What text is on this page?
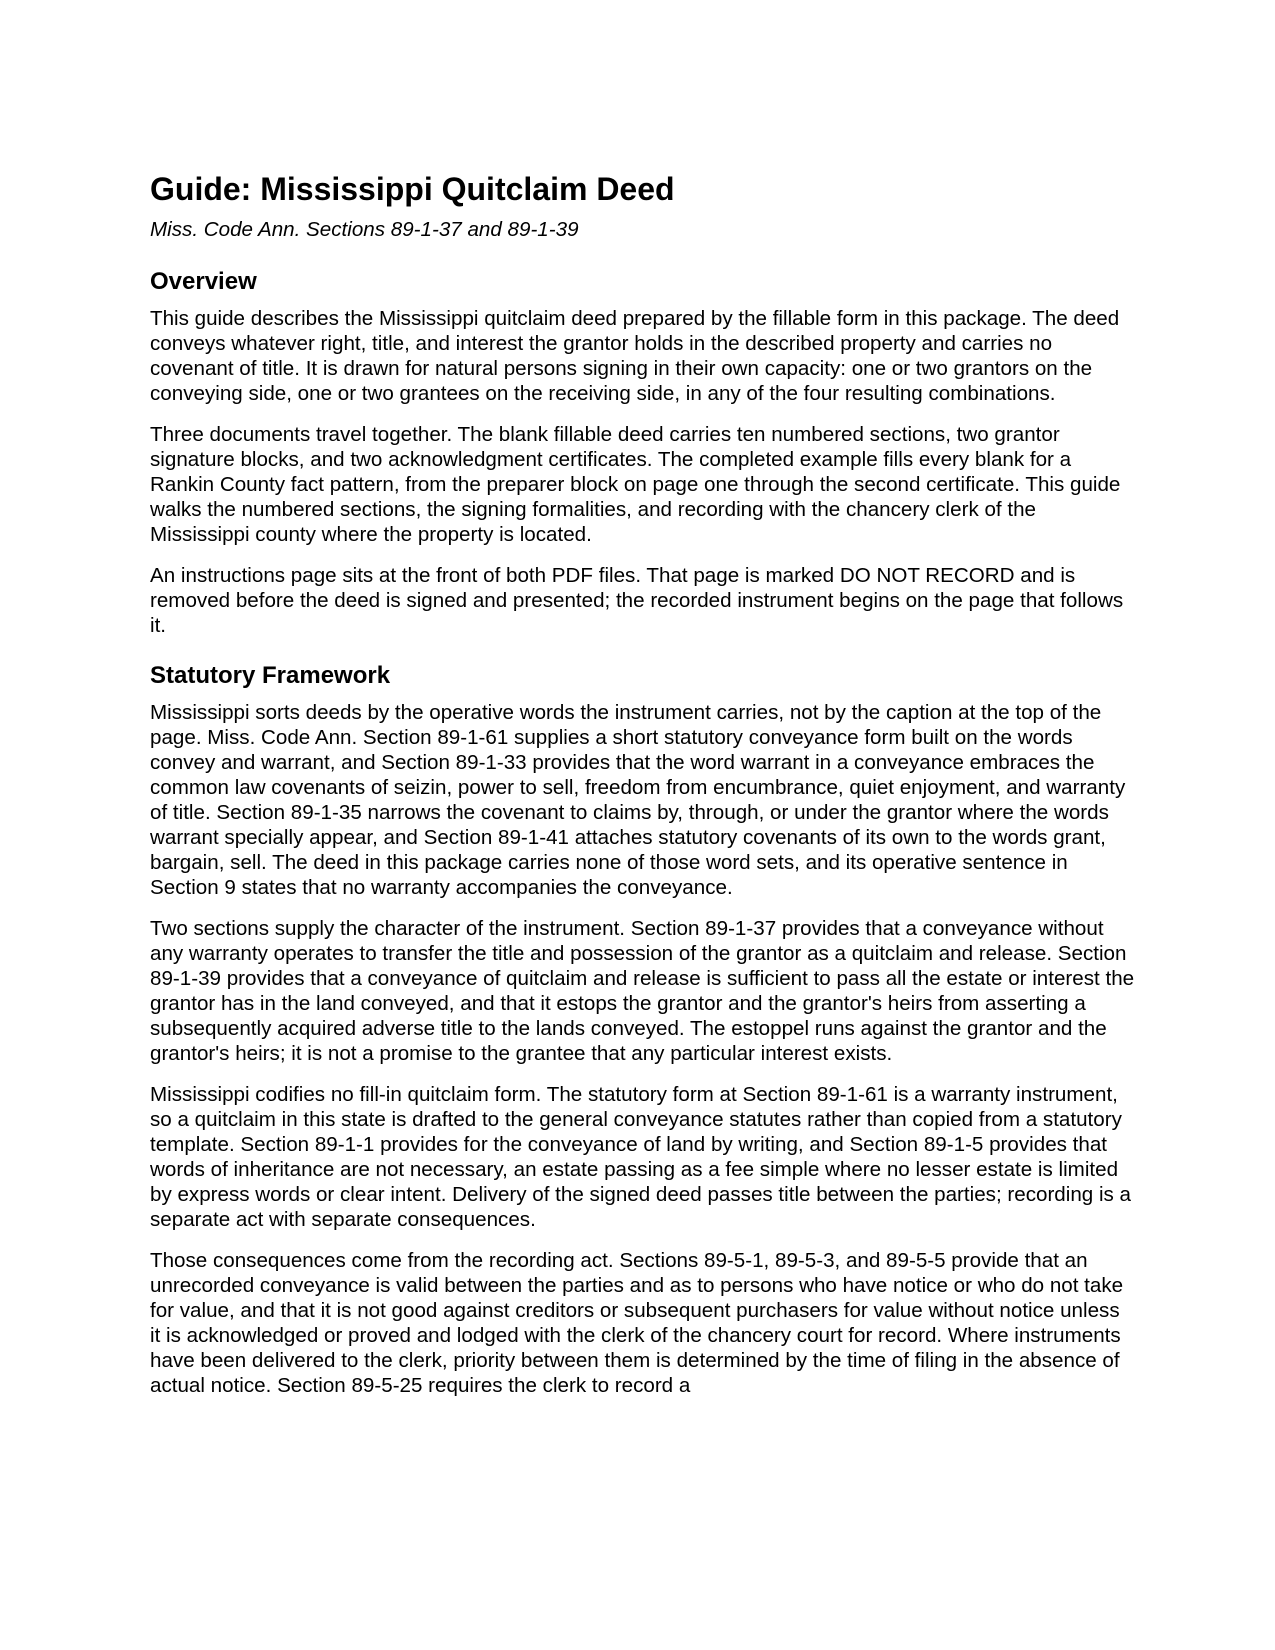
Guide: Mississippi Quitclaim Deed
Miss. Code Ann. Sections 89-1-37 and 89-1-39
Overview

This guide describes the Mississippi quitclaim deed prepared by the fillable form in this package. The deed conveys whatever right, title, and interest the grantor holds in the described property and carries no covenant of title. It is drawn for natural persons signing in their own capacity: one or two grantors on the conveying side, one or two grantees on the receiving side, in any of the four resulting combinations.

Three documents travel together. The blank fillable deed carries ten numbered sections, two grantor signature blocks, and two acknowledgment certificates. The completed example fills every blank for a Rankin County fact pattern, from the preparer block on page one through the second certificate. This guide walks the numbered sections, the signing formalities, and recording with the chancery clerk of the Mississippi county where the property is located.

An instructions page sits at the front of both PDF files. That page is marked DO NOT RECORD and is removed before the deed is signed and presented; the recorded instrument begins on the page that follows it.

Statutory Framework

Mississippi sorts deeds by the operative words the instrument carries, not by the caption at the top of the page. Miss. Code Ann. Section 89-1-61 supplies a short statutory conveyance form built on the words convey and warrant, and Section 89-1-33 provides that the word warrant in a conveyance embraces the common law covenants of seizin, power to sell, freedom from encumbrance, quiet enjoyment, and warranty of title. Section 89-1-35 narrows the covenant to claims by, through, or under the grantor where the words warrant specially appear, and Section 89-1-41 attaches statutory covenants of its own to the words grant, bargain, sell. The deed in this package carries none of those word sets, and its operative sentence in Section 9 states that no warranty accompanies the conveyance.

Two sections supply the character of the instrument. Section 89-1-37 provides that a conveyance without any warranty operates to transfer the title and possession of the grantor as a quitclaim and release. Section 89-1-39 provides that a conveyance of quitclaim and release is sufficient to pass all the estate or interest the grantor has in the land conveyed, and that it estops the grantor and the grantor's heirs from asserting a subsequently acquired adverse title to the lands conveyed. The estoppel runs against the grantor and the grantor's heirs; it is not a promise to the grantee that any particular interest exists.

Mississippi codifies no fill-in quitclaim form. The statutory form at Section 89-1-61 is a warranty instrument, so a quitclaim in this state is drafted to the general conveyance statutes rather than copied from a statutory template. Section 89-1-1 provides for the conveyance of land by writing, and Section 89-1-5 provides that words of inheritance are not necessary, an estate passing as a fee simple where no lesser estate is limited by express words or clear intent. Delivery of the signed deed passes title between the parties; recording is a separate act with separate consequences.

Those consequences come from the recording act. Sections 89-5-1, 89-5-3, and 89-5-5 provide that an unrecorded conveyance is valid between the parties and as to persons who have notice or who do not take for value, and that it is not good against creditors or subsequent purchasers for value without notice unless it is acknowledged or proved and lodged with the clerk of the chancery court for record. Where instruments have been delivered to the clerk, priority between them is determined by the time of filing in the absence of actual notice. Section 89-5-25 requires the clerk to record a
